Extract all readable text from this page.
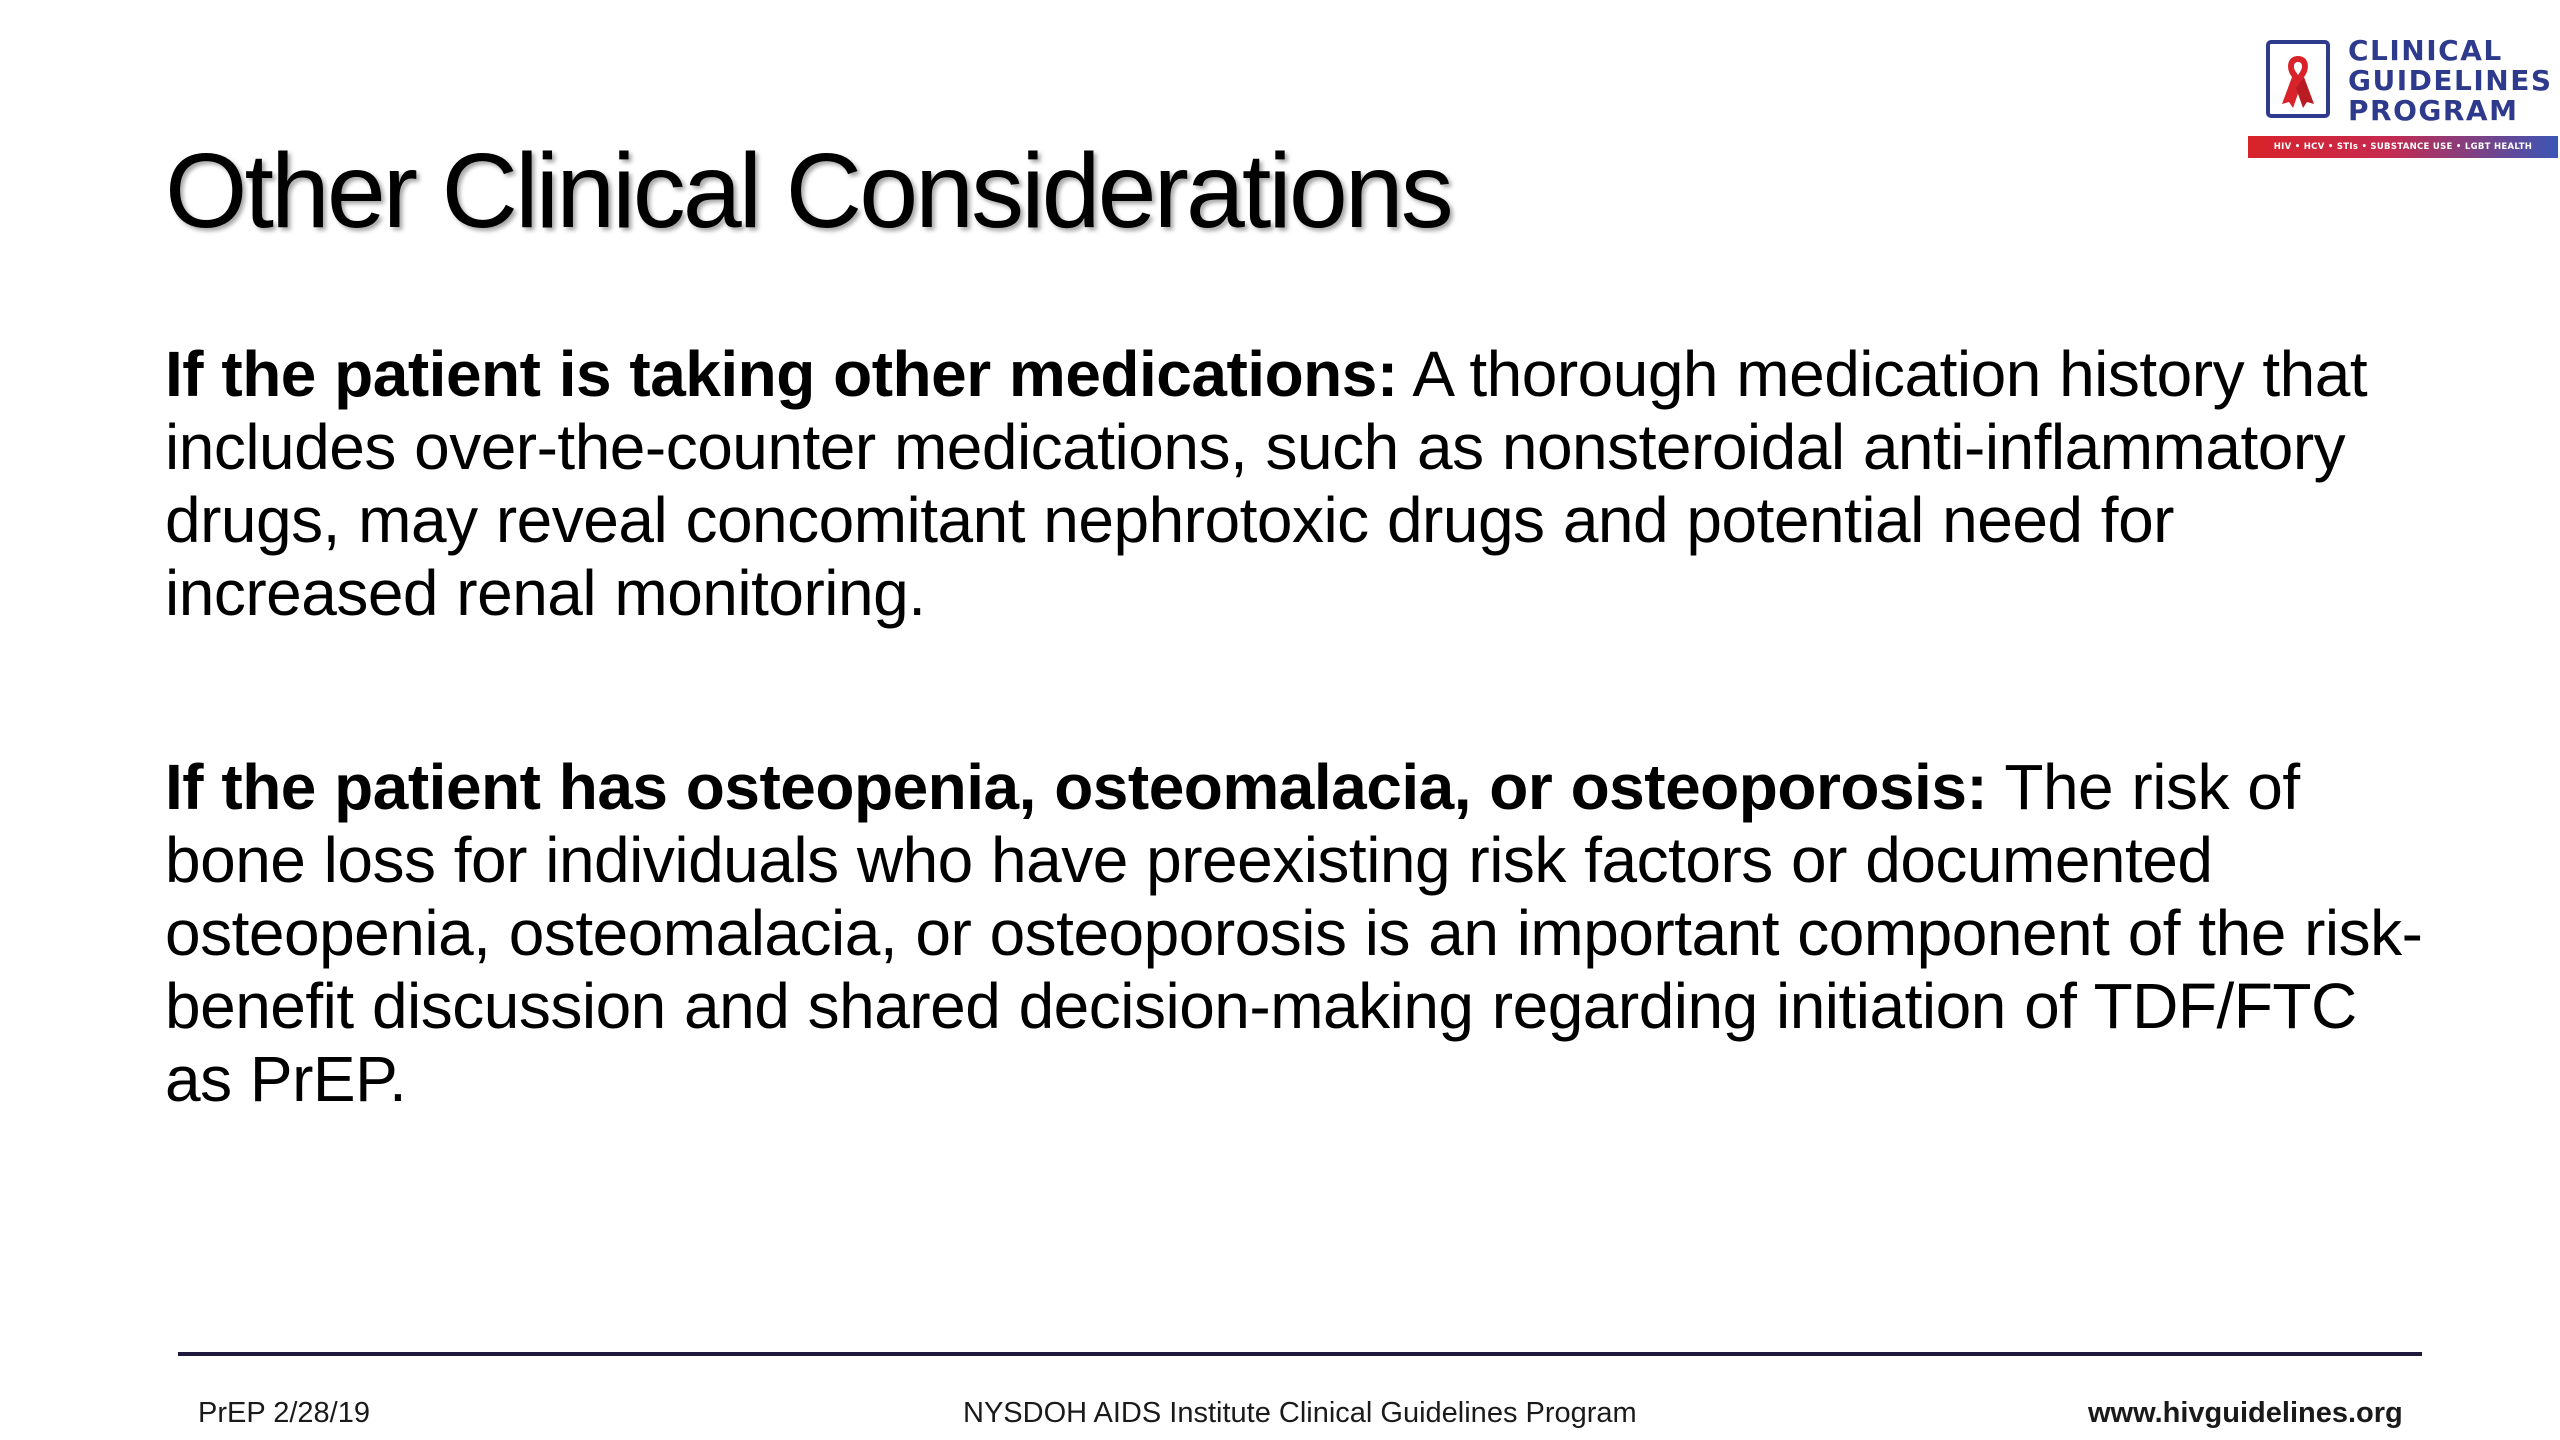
Other Clinical Considerations
CLINICAL
GUIDELINES
PROGRAM
HIV • HCV • STIs • SUBSTANCE USE • LGBT HEALTH

If the patient is taking other medications: A thorough medication history that includes over-the-counter medications, such as nonsteroidal anti-inflammatory drugs, may reveal concomitant nephrotoxic drugs and potential need for increased renal monitoring.

If the patient has osteopenia, osteomalacia, or osteoporosis: The risk of bone loss for individuals who have preexisting risk factors or documented osteopenia, osteomalacia, or osteoporosis is an important component of the risk-benefit discussion and shared decision-making regarding initiation of TDF/FTC as PrEP.

PrEP 2/28/19	NYSDOH AIDS Institute Clinical Guidelines Program	www.hivguidelines.org
